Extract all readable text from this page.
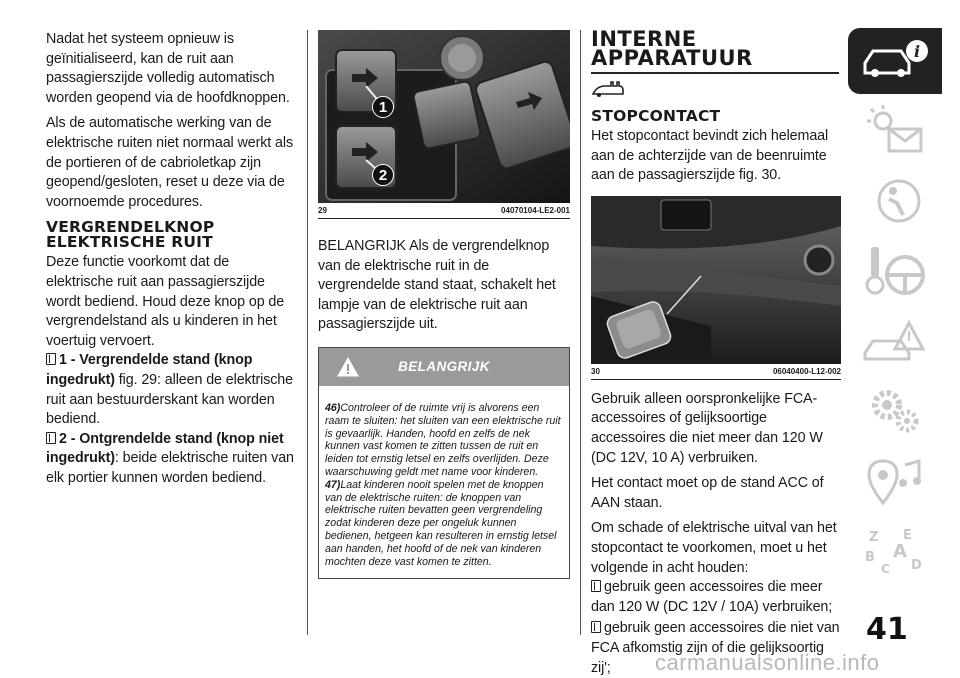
Nadat het systeem opnieuw is geïnitialiseerd, kan de ruit aan passagierszijde volledig automatisch worden geopend via de hoofdknoppen.

Als de automatische werking van de elektrische ruiten niet normaal werkt als de portieren of de cabrioletkap zijn geopend/gesloten, reset u deze via de voornoemde procedures.

VERGRENDELKNOP ELEKTRISCHE RUIT

Deze functie voorkomt dat de elektrische ruit aan passagierszijde wordt bediend. Houd deze knop op de vergrendelstand als u kinderen in het voertuig vervoert.

1 - Vergrendelde stand (knop ingedrukt) fig. 29: alleen de elektrische ruit aan bestuurderskant kan worden bediend.

2 - Ontgrendelde stand (knop niet ingedrukt): beide elektrische ruiten van elk portier kunnen worden bediend.

1
2
29	04070104-LE2-001

BELANGRIJK Als de vergrendelknop van de elektrische ruit in de vergrendelde stand staat, schakelt het lampje van de elektrische ruit aan passagierszijde uit.

BELANGRIJK
46)Controleer of de ruimte vrij is alvorens een raam te sluiten: het sluiten van een elektrische ruit is gevaarlijk. Handen, hoofd en zelfs de nek kunnen vast komen te zitten tussen de ruit en leiden tot ernstig letsel en zelfs overlijden. Deze waarschuwing geldt met name voor kinderen.
47)Laat kinderen nooit spelen met de knoppen van de elektrische ruiten: de knoppen van elektrische ruiten bevatten geen vergrendeling zodat kinderen deze per ongeluk kunnen bedienen, hetgeen kan resulteren in ernstig letsel aan handen, het hoofd of de nek van kinderen mochten deze vast komen te zitten.
INTERNE
APPARATUUR
STOPCONTACT

Het stopcontact bevindt zich helemaal aan de achterzijde van de beenruimte aan de passagierszijde fig. 30.

30	06040400-L12-002

Gebruik alleen oorspronkelijke FCA-accessoires of gelijksoortige accessoires die niet meer dan 120 W (DC 12V, 10 A) verbruiken.

Het contact moet op de stand ACC of AAN staan.

Om schade of elektrische uitval van het stopcontact te voorkomen, moet u het volgende in acht houden:

gebruik geen accessoires die meer dan 120 W (DC 12V / 10A) verbruiken;

gebruik geen accessoires die niet van FCA afkomstig zijn of die gelijksoortig zij';

i
Z E
A
B
C D
41
carmanualsonline.info
